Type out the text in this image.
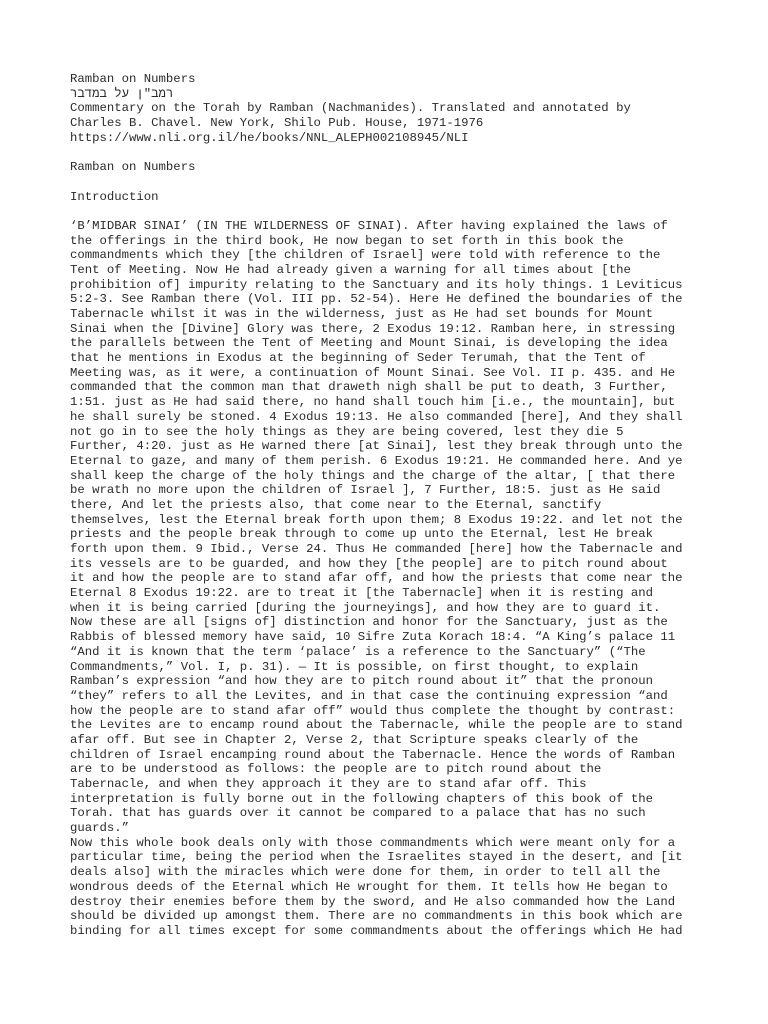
Ramban on Numbers
רמב"ן על במדבר
Commentary on the Torah by Ramban (Nachmanides). Translated and annotated by
Charles B. Chavel. New York, Shilo Pub. House, 1971-1976
https://www.nli.org.il/he/books/NNL_ALEPH002108945/NLI
Ramban on Numbers
Introduction
‘B’MIDBAR SINAI’ (IN THE WILDERNESS OF SINAI). After having explained the laws of
the offerings in the third book, He now began to set forth in this book the
commandments which they [the children of Israel] were told with reference to the
Tent of Meeting. Now He had already given a warning for all times about [the
prohibition of] impurity relating to the Sanctuary and its holy things. 1 Leviticus
5:2-3. See Ramban there (Vol. III pp. 52-54). Here He defined the boundaries of the
Tabernacle whilst it was in the wilderness, just as He had set bounds for Mount
Sinai when the [Divine] Glory was there, 2 Exodus 19:12. Ramban here, in stressing
the parallels between the Tent of Meeting and Mount Sinai, is developing the idea
that he mentions in Exodus at the beginning of Seder Terumah, that the Tent of
Meeting was, as it were, a continuation of Mount Sinai. See Vol. II p. 435. and He
commanded that the common man that draweth nigh shall be put to death, 3 Further,
1:51. just as He had said there, no hand shall touch him [i.e., the mountain], but
he shall surely be stoned. 4 Exodus 19:13. He also commanded [here], And they shall
not go in to see the holy things as they are being covered, lest they die 5
Further, 4:20. just as He warned there [at Sinai], lest they break through unto the
Eternal to gaze, and many of them perish. 6 Exodus 19:21. He commanded here. And ye
shall keep the charge of the holy things and the charge of the altar, [ that there
be wrath no more upon the children of Israel ], 7 Further, 18:5. just as He said
there, And let the priests also, that come near to the Eternal, sanctify
themselves, lest the Eternal break forth upon them; 8 Exodus 19:22. and let not the
priests and the people break through to come up unto the Eternal, lest He break
forth upon them. 9 Ibid., Verse 24. Thus He commanded [here] how the Tabernacle and
its vessels are to be guarded, and how they [the people] are to pitch round about
it and how the people are to stand afar off, and how the priests that come near the
Eternal 8 Exodus 19:22. are to treat it [the Tabernacle] when it is resting and
when it is being carried [during the journeyings], and how they are to guard it.
Now these are all [signs of] distinction and honor for the Sanctuary, just as the
Rabbis of blessed memory have said, 10 Sifre Zuta Korach 18:4. “A King’s palace 11
“And it is known that the term ‘palace’ is a reference to the Sanctuary” (“The
Commandments,” Vol. I, p. 31). — It is possible, on first thought, to explain
Ramban’s expression “and how they are to pitch round about it” that the pronoun
“they” refers to all the Levites, and in that case the continuing expression “and
how the people are to stand afar off” would thus complete the thought by contrast:
the Levites are to encamp round about the Tabernacle, while the people are to stand
afar off. But see in Chapter 2, Verse 2, that Scripture speaks clearly of the
children of Israel encamping round about the Tabernacle. Hence the words of Ramban
are to be understood as follows: the people are to pitch round about the
Tabernacle, and when they approach it they are to stand afar off. This
interpretation is fully borne out in the following chapters of this book of the
Torah. that has guards over it cannot be compared to a palace that has no such
guards.”
Now this whole book deals only with those commandments which were meant only for a
particular time, being the period when the Israelites stayed in the desert, and [it
deals also] with the miracles which were done for them, in order to tell all the
wondrous deeds of the Eternal which He wrought for them. It tells how He began to
destroy their enemies before them by the sword, and He also commanded how the Land
should be divided up amongst them. There are no commandments in this book which are
binding for all times except for some commandments about the offerings which He had
